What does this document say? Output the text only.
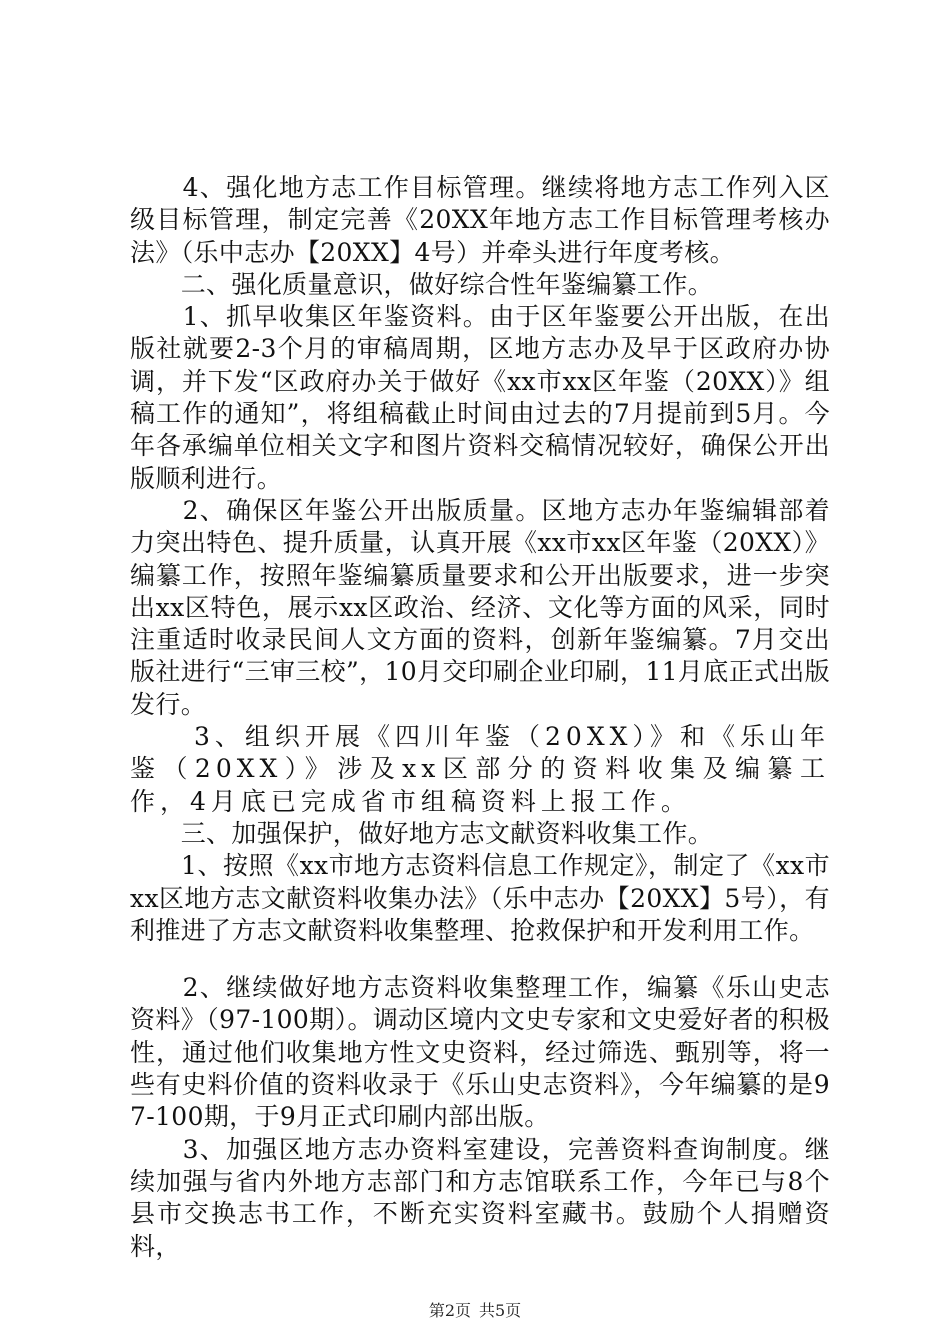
　　4、强化地方志工作目标管理。继续将地方志工作列入区级目标管理，制定完善《20XX年地方志工作目标管理考核办法》（乐中志办【20XX】4号）并牵头进行年度考核。

　　二、强化质量意识，做好综合性年鉴编纂工作。

　　1、抓早收集区年鉴资料。由于区年鉴要公开出版，在出版社就要2-3个月的审稿周期，区地方志办及早于区政府办协调，并下发“区政府办关于做好《xx市xx区年鉴（20XX）》组稿工作的通知”，将组稿截止时间由过去的7月提前到5月。今年各承编单位相关文字和图片资料交稿情况较好，确保公开出版顺利进行。

　　2、确保区年鉴公开出版质量。区地方志办年鉴编辑部着力突出特色、提升质量，认真开展《xx市xx区年鉴（20XX）》编纂工作，按照年鉴编纂质量要求和公开出版要求，进一步突出xx区特色，展示xx区政治、经济、文化等方面的风采，同时注重适时收录民间人文方面的资料，创新年鉴编纂。7月交出版社进行“三审三校”，10月交印刷企业印刷，11月底正式出版发行。

3、组织开展《四川年鉴（20XX）》和《乐山年鉴（20XX）》涉及xx区部分的资料收集及编纂工作，4月底已完成省市组稿资料上报工作。

　　三、加强保护，做好地方志文献资料收集工作。

　　1、按照《xx市地方志资料信息工作规定》，制定了《xx市xx区地方志文献资料收集办法》（乐中志办【20XX】5号），有利推进了方志文献资料收集整理、抢救保护和开发利用工作。

　　2、继续做好地方志资料收集整理工作，编纂《乐山史志资料》（97-100期）。调动区境内文史专家和文史爱好者的积极性，通过他们收集地方性文史资料，经过筛选、甄别等，将一些有史料价值的资料收录于《乐山史志资料》，今年编纂的是97-100期，于9月正式印刷内部出版。

　　3、加强区地方志办资料室建设，完善资料查询制度。继续加强与省内外地方志部门和方志馆联系工作，今年已与8个县市交换志书工作，不断充实资料室藏书。鼓励个人捐赠资料，

第2页 共5页
